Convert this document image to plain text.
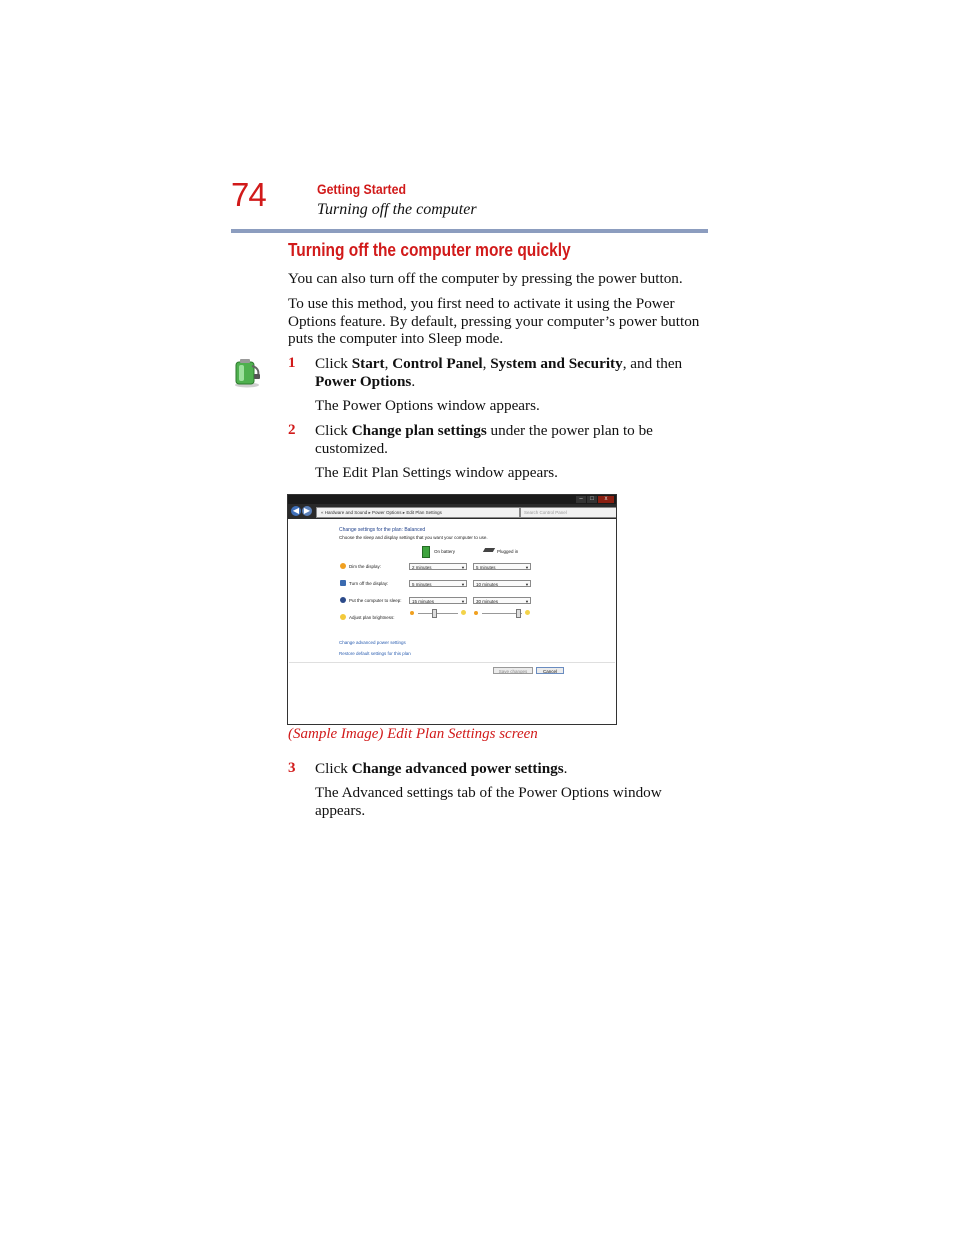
74	Getting Started
Turning off the computer
Turning off the computer more quickly
You can also turn off the computer by pressing the power button.
To use this method, you first need to activate it using the Power Options feature. By default, pressing your computer’s power button puts the computer into Sleep mode.
1 Click Start, Control Panel, System and Security, and then Power Options.
The Power Options window appears.
2 Click Change plan settings under the power plan to be customized.
The Edit Plan Settings window appears.
–	□	x
◀ ▶	« Hardware and Sound ▸ Power Options ▸ Edit Plan Settings	Search Control Panel
Change settings for the plan: Balanced
Choose the sleep and display settings that you want your computer to use.
On battery	Plugged in
Dim the display:	2 minutes	▼	5 minutes	▼
Turn off the display:	5 minutes	▼	10 minutes	▼
Put the computer to sleep:	15 minutes	▼	30 minutes	▼
Adjust plan brightness:
Change advanced power settings
Restore default settings for this plan
Save changes	Cancel
(Sample Image) Edit Plan Settings screen
3 Click Change advanced power settings.
The Advanced settings tab of the Power Options window appears.
